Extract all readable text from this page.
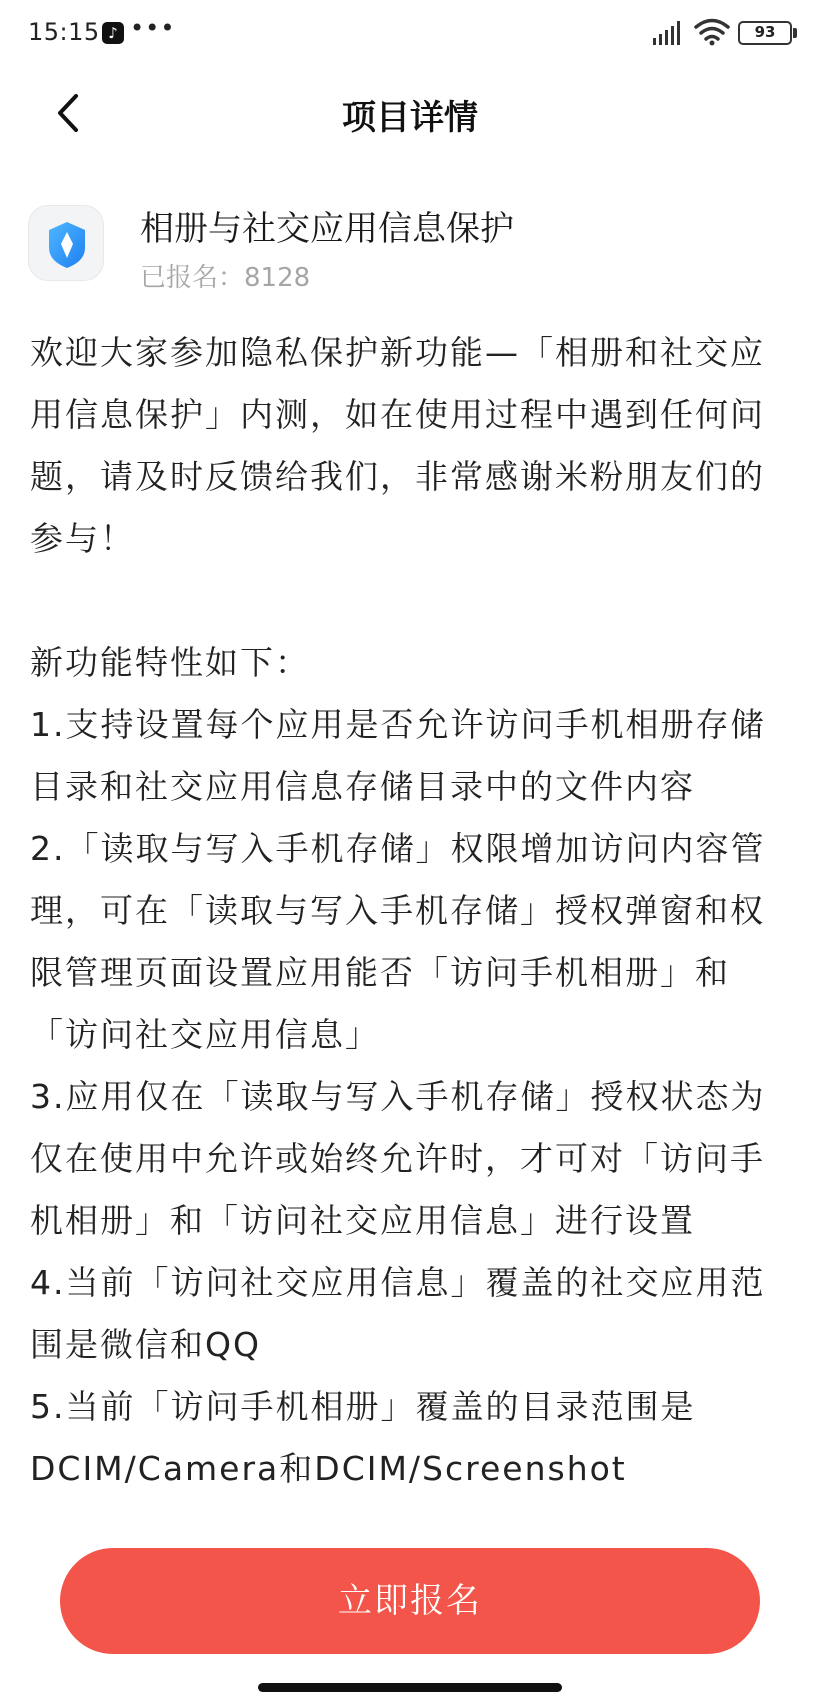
15:15 ♪ •••	93
项目详情
相册与社交应用信息保护
已报名：8128

欢迎大家参加隐私保护新功能—「相册和社交应用信息保护」内测，如在使用过程中遇到任何问题，请及时反馈给我们，非常感谢米粉朋友们的参与！

新功能特性如下：

1.支持设置每个应用是否允许访问手机相册存储目录和社交应用信息存储目录中的文件内容

2.「读取与写入手机存储」权限增加访问内容管理，可在「读取与写入手机存储」授权弹窗和权限管理页面设置应用能否「访问手机相册」和「访问社交应用信息」

3.应用仅在「读取与写入手机存储」授权状态为仅在使用中允许或始终允许时，才可对「访问手机相册」和「访问社交应用信息」进行设置

4.当前「访问社交应用信息」覆盖的社交应用范围是微信和QQ

5.当前「访问手机相册」覆盖的目录范围是DCIM/Camera和DCIM/Screenshot

立即报名
